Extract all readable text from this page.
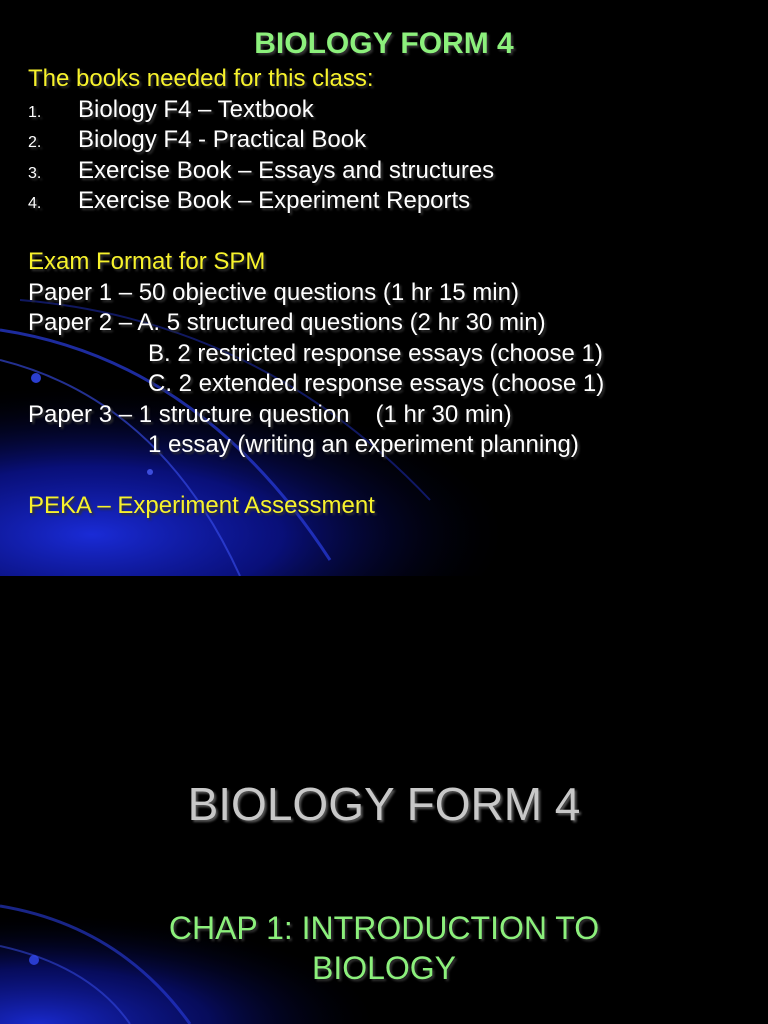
BIOLOGY FORM 4
The books needed for this class:
1. Biology F4 – Textbook
2. Biology F4 - Practical Book
3. Exercise Book – Essays and structures
4. Exercise Book – Experiment Reports
Exam Format for SPM
Paper 1 – 50 objective questions (1 hr 15 min)
Paper 2 – A. 5 structured questions (2 hr 30 min)
B. 2 restricted response essays (choose 1)
C. 2 extended response essays (choose 1)
Paper 3 – 1 structure question (1 hr 30 min)
1 essay (writing an experiment planning)
PEKA – Experiment Assessment
BIOLOGY FORM 4
CHAP 1: INTRODUCTION TO
BIOLOGY
